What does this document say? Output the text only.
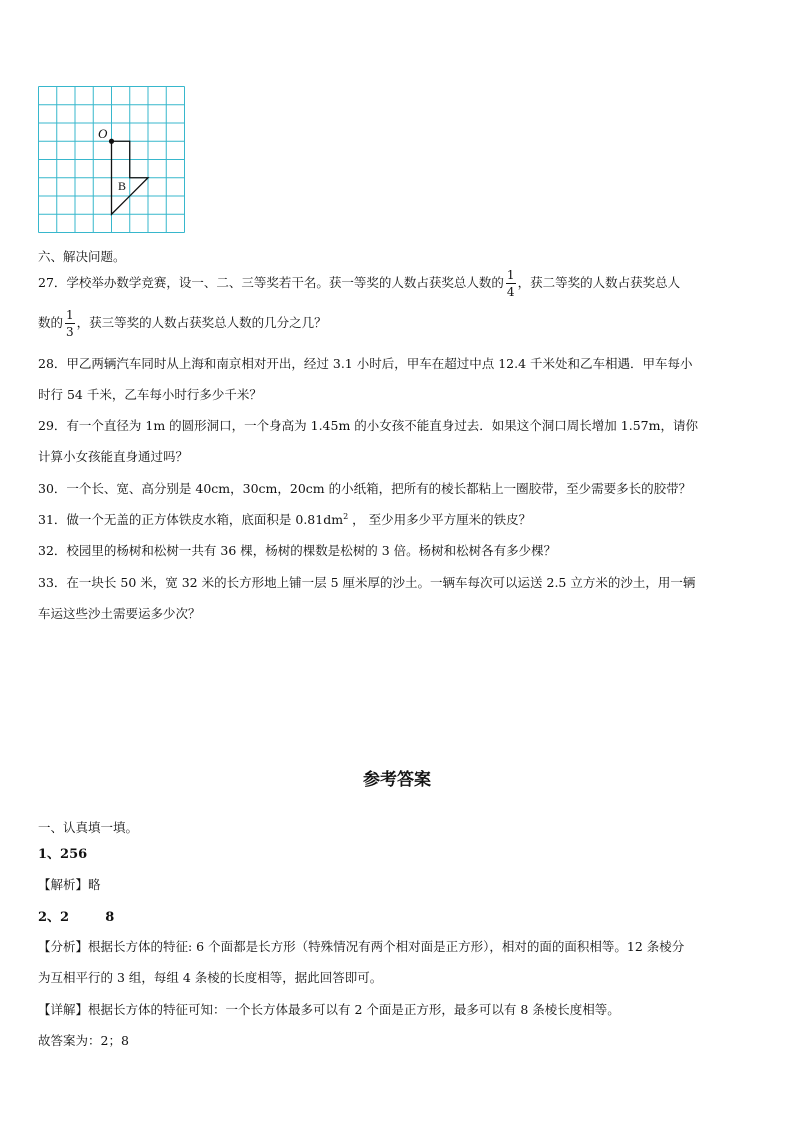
O
B
六、解决问题。
27．学校举办数学竞赛，设一、二、三等奖若干名。获一等奖的人数占获奖总人数的 $\frac{1}{4}$ ，获二等奖的人数占获奖总人
数的 $\frac{1}{3}$ ，获三等奖的人数占获奖总人数的几分之几？
28．甲乙两辆汽车同时从上海和南京相对开出，经过 3.1 小时后，甲车在超过中点 12.4 千米处和乙车相遇．甲车每小
时行 54 千米，乙车每小时行多少千米？
29．有一个直径为 1m 的圆形洞口，一个身高为 1.45m 的小女孩不能直身过去．如果这个洞口周长增加 1.57m，请你
计算小女孩能直身通过吗？
30．一个长、宽、高分别是 40cm，30cm，20cm 的小纸箱，把所有的棱长都粘上一圈胶带，至少需要多长的胶带？
31．做一个无盖的正方体铁皮水箱，底面积是 $0.81dm^2$ ， 至少用多少平方厘米的铁皮？
32．校园里的杨树和松树一共有 36 棵，杨树的棵数是松树的 3 倍。杨树和松树各有多少棵？
33．在一块长 50 米，宽 32 米的长方形地上铺一层 5 厘米厚的沙土。一辆车每次可以运送 2.5 立方米的沙土，用一辆
车运这些沙土需要运多少次？
参考答案
一、认真填一填。
1、256
【解析】略
2、2        8
【分析】根据长方体的特征: 6 个面都是长方形（特殊情况有两个相对面是正方形），相对的面的面积相等。12 条棱分
为互相平行的 3 组，每组 4 条棱的长度相等，据此回答即可。
【详解】根据长方体的特征可知：一个长方体最多可以有 2 个面是正方形，最多可以有 8 条棱长度相等。
故答案为：2；8
